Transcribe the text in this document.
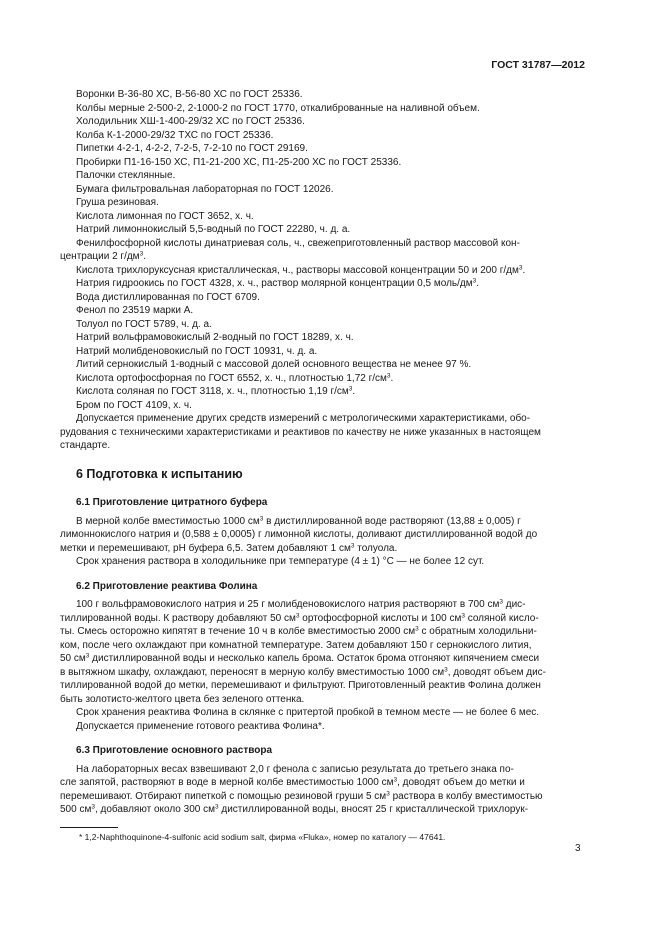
ГОСТ 31787—2012

Воронки В-36-80 ХС, В-56-80 ХС по ГОСТ 25336.

Колбы мерные 2-500-2, 2-1000-2 по ГОСТ 1770, откалиброванные на наливной объем.

Холодильник ХШ-1-400-29/32 ХС по ГОСТ 25336.

Колба К-1-2000-29/32 ТХС по ГОСТ 25336.

Пипетки 4-2-1, 4-2-2, 7-2-5, 7-2-10 по ГОСТ 29169.

Пробирки П1-16-150 ХС, П1-21-200 ХС, П1-25-200 ХС по ГОСТ 25336.

Палочки стеклянные.

Бумага фильтровальная лабораторная по ГОСТ 12026.

Груша резиновая.

Кислота лимонная по ГОСТ 3652, х. ч.

Натрий лимоннокислый 5,5-водный по ГОСТ 22280, ч. д. а.

Фенилфосфорной кислоты динатриевая соль, ч., свежеприготовленный раствор массовой кон-

центрации 2 $г/дм^3$.

Кислота трихлоруксусная кристаллическая, ч., растворы массовой концентрации 50 и 200 $г/дм^3$.

Натрия гидроокись по ГОСТ 4328, х. ч., раствор молярной концентрации 0,5 моль/$дм^3$.

Вода дистиллированная по ГОСТ 6709.

Фенол по 23519 марки А.

Толуол по ГОСТ 5789, ч. д. а.

Натрий вольфрамовокислый 2-водный по ГОСТ 18289, х. ч.

Натрий молибденовокислый по ГОСТ 10931, ч. д. а.

Литий сернокислый 1-водный с массовой долей основного вещества не менее 97 %.

Кислота ортофосфорная по ГОСТ 6552, х. ч., плотностью 1,72 $г/см^3$.

Кислота соляная по ГОСТ 3118, х. ч., плотностью 1,19 $г/см^3$.

Бром по ГОСТ 4109, х. ч.

Допускается применение других средств измерений с метрологическими характеристиками, обо-

рудования с техническими характеристиками и реактивов по качеству не ниже указанных в настоящем

стандарте.

6 Подготовка к испытанию
6.1 Приготовление цитратного буфера

В мерной колбе вместимостью 1000 $см^3$ в дистиллированной воде растворяют (13,88 ± 0,005) г

лимоннокислого натрия и (0,588 ± 0,0005) г лимонной кислоты, доливают дистиллированной водой до

метки и перемешивают, pH буфера 6,5. Затем добавляют 1 $см^3$ толуола.

Срок хранения раствора в холодильнике при температуре (4 ± 1) °С — не более 12 сут.

6.2 Приготовление реактива Фолина

100 г вольфрамовокислого натрия и 25 г молибденовокислого натрия растворяют в 700 $см^3$ дис-

тиллированной воды. К раствору добавляют 50 $см^3$ ортофосфорной кислоты и 100 $см^3$ соляной кисло-

ты. Смесь осторожно кипятят в течение 10 ч в колбе вместимостью 2000 $см^3$ с обратным холодильни-

ком, после чего охлаждают при комнатной температуре. Затем добавляют 150 г сернокислого лития,

50 $см^3$ дистиллированной воды и несколько капель брома. Остаток брома отгоняют кипячением смеси

в вытяжном шкафу, охлаждают, переносят в мерную колбу вместимостью 1000 $см^3$, доводят объем дис-

тиллированной водой до метки, перемешивают и фильтруют. Приготовленный реактив Фолина должен

быть золотисто-желтого цвета без зеленого оттенка.

Срок хранения реактива Фолина в склянке с притертой пробкой в темном месте — не более 6 мес.

Допускается применение готового реактива Фолина*.

6.3 Приготовление основного раствора

На лабораторных весах взвешивают 2,0 г фенола с записью результата до третьего знака по-

сле запятой, растворяют в воде в мерной колбе вместимостью 1000 $см^3$, доводят объем до метки и

перемешивают. Отбирают пипеткой с помощью резиновой груши 5 $см^3$ раствора в колбу вместимостью

500 $см^3$, добавляют около 300 $см^3$ дистиллированной воды, вносят 25 г кристаллической трихлорук-

* 1,2-Naphthoquinone-4-sulfonic acid sodium salt, фирма «Fluka», номер по каталогу — 47641.
3
